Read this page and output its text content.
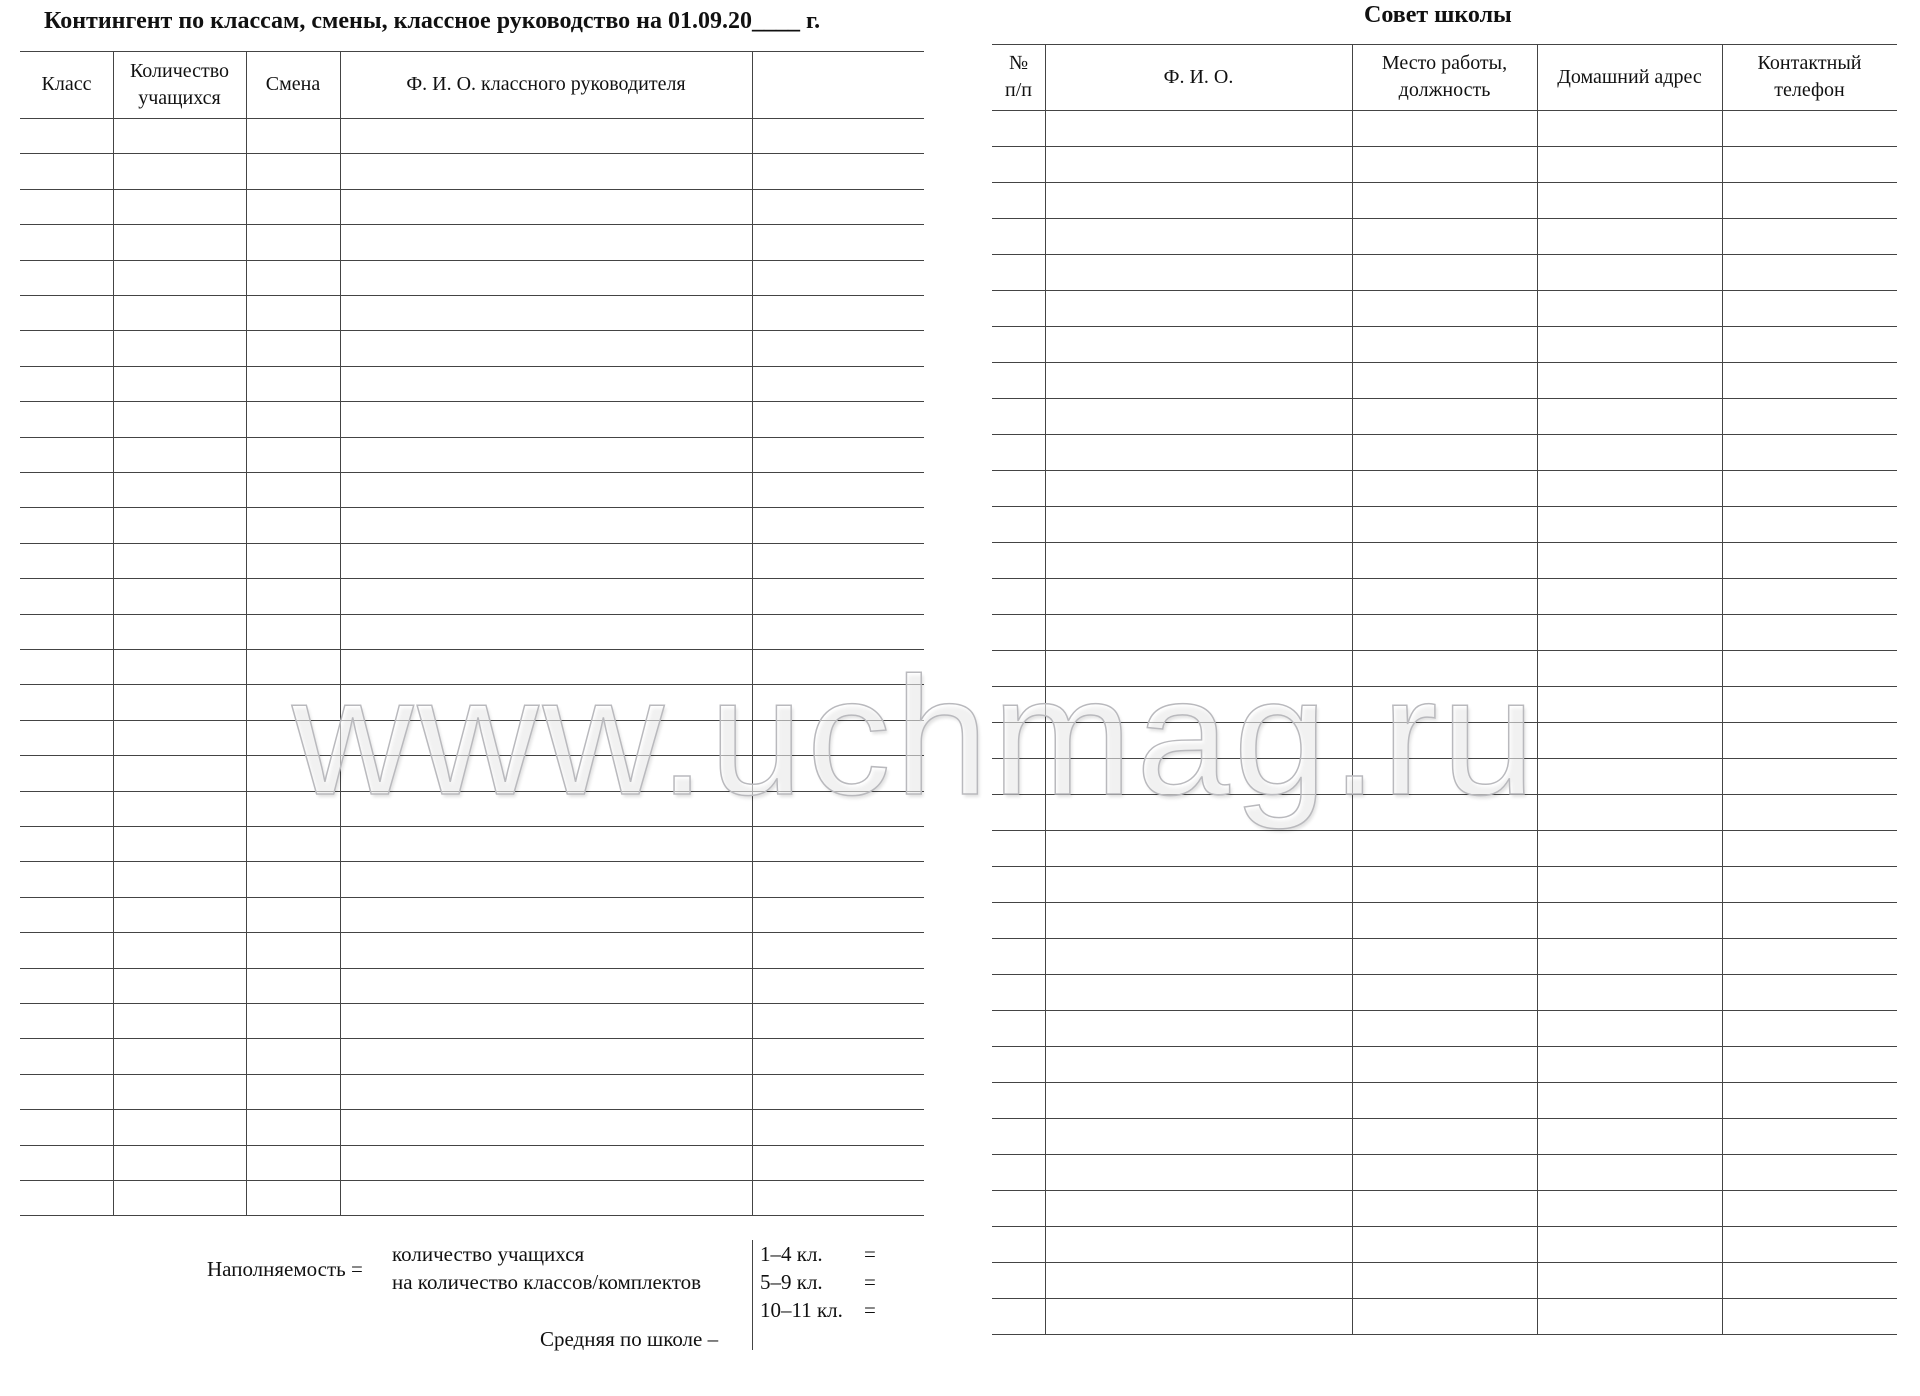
Контингент по классам, смены, классное руководство на 01.09.20____ г.
Класс
Количество учащихся
Смена	Ф. И. О. классного руководителя
Наполняемость =
количество учащихся
на количество классов/комплектов
1–4 кл.
5–9 кл.
10–11 кл.
=
=
=
Средняя по школе –
Совет школы
№ п/п
Ф. И. О.
Место работы, должность
Домашний адрес
Контактный телефон
www.uchmag.ru
